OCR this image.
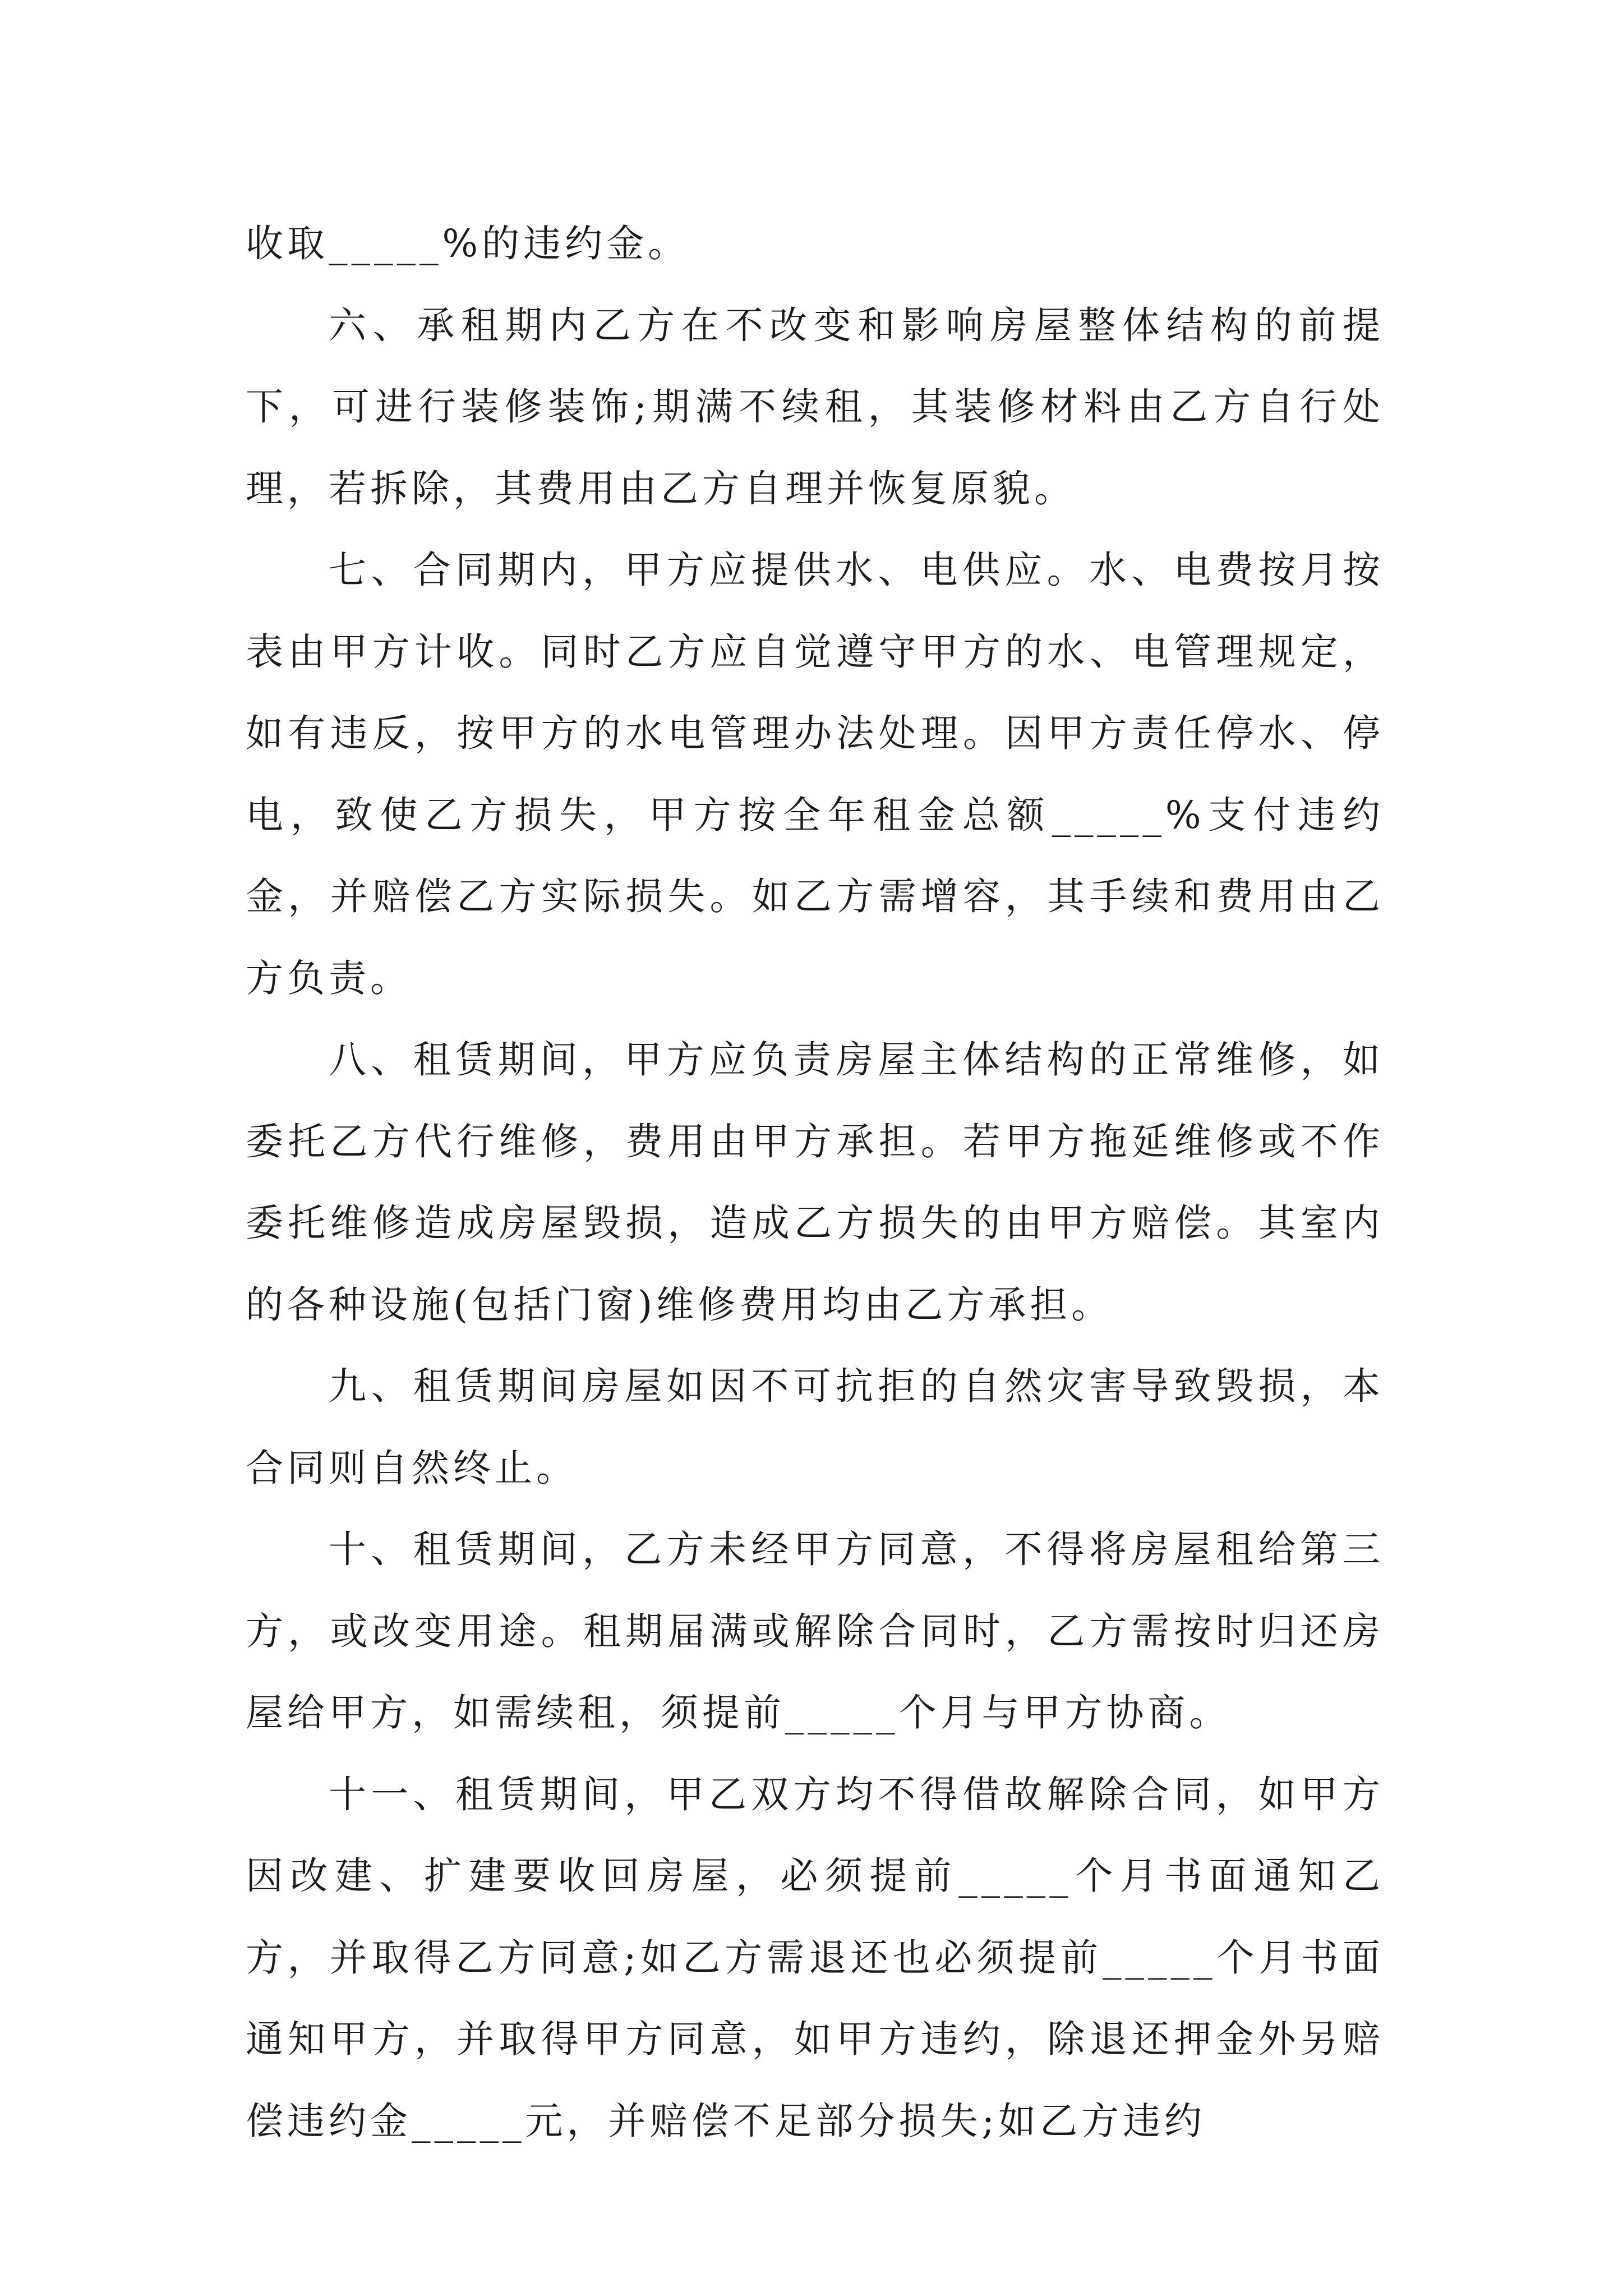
收取_____%的违约金。

六、承租期内乙方在不改变和影响房屋整体结构的前提下，可进行装修装饰;期满不续租，其装修材料由乙方自行处理，若拆除，其费用由乙方自理并恢复原貌。

七、合同期内，甲方应提供水、电供应。水、电费按月按表由甲方计收。同时乙方应自觉遵守甲方的水、电管理规定，如有违反，按甲方的水电管理办法处理。因甲方责任停水、停电，致使乙方损失，甲方按全年租金总额_____%支付违约金，并赔偿乙方实际损失。如乙方需增容，其手续和费用由乙方负责。

八、租赁期间，甲方应负责房屋主体结构的正常维修，如委托乙方代行维修，费用由甲方承担。若甲方拖延维修或不作委托维修造成房屋毁损，造成乙方损失的由甲方赔偿。其室内的各种设施(包括门窗)维修费用均由乙方承担。

九、租赁期间房屋如因不可抗拒的自然灾害导致毁损，本合同则自然终止。

十、租赁期间，乙方未经甲方同意，不得将房屋租给第三方，或改变用途。租期届满或解除合同时，乙方需按时归还房屋给甲方，如需续租，须提前_____个月与甲方协商。

十一、租赁期间，甲乙双方均不得借故解除合同，如甲方因改建、扩建要收回房屋，必须提前_____个月书面通知乙方，并取得乙方同意;如乙方需退还也必须提前_____个月书面通知甲方，并取得甲方同意，如甲方违约，除退还押金外另赔偿违约金_____元，并赔偿不足部分损失;如乙方违约
